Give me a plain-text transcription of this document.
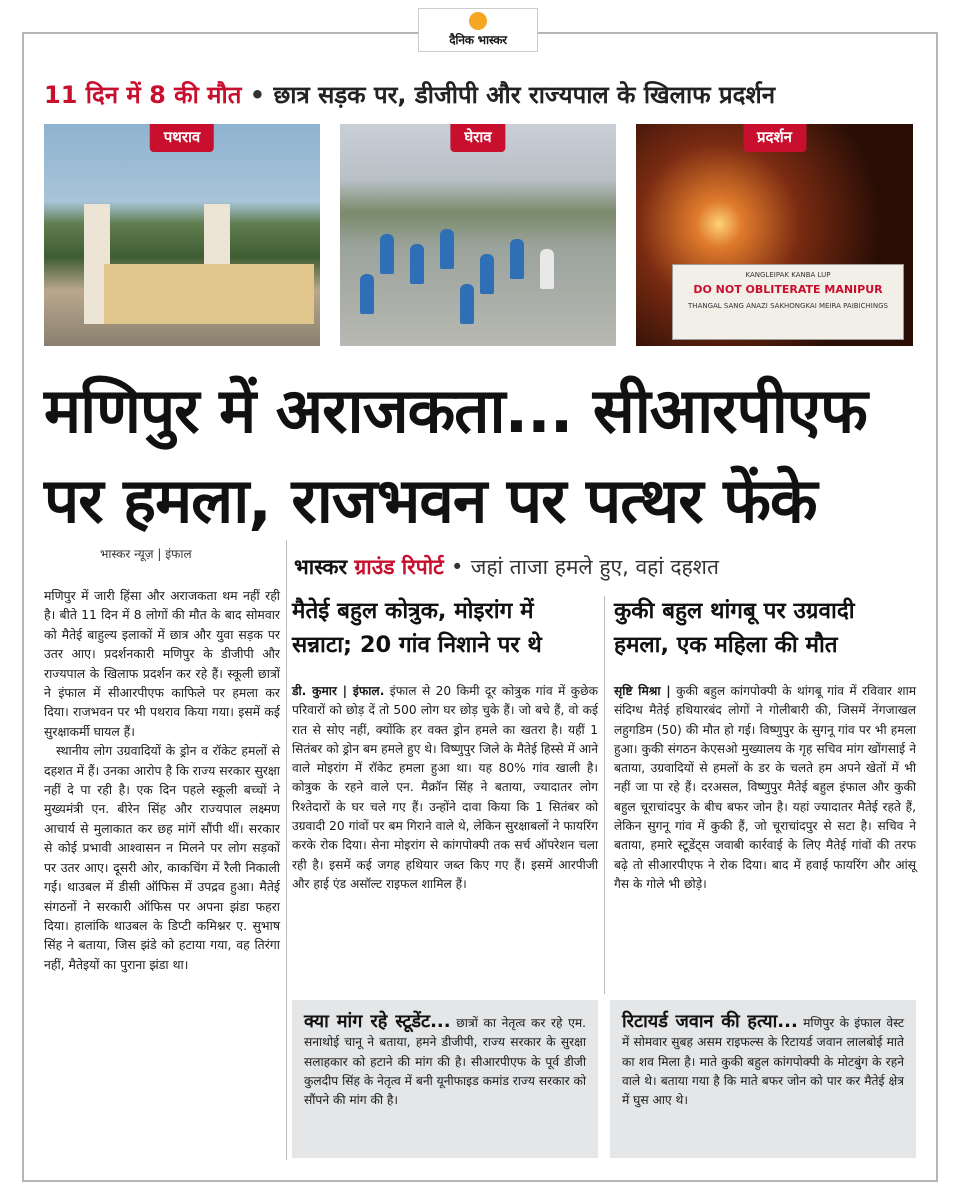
दैनिक भास्कर
11 दिन में 8 की मौत • छात्र सड़क पर, डीजीपी और राज्यपाल के खिलाफ प्रदर्शन
पथराव	घेराव
KANGLEIPAK KANBA LUP
DO NOT OBLITERATE MANIPUR
THANGAL SANG ANAZI SAKHONGKAI MEIRA PAIBICHINGS
प्रदर्शन
मणिपुर में अराजकता... सीआरपीएफ
पर हमला, राजभवन पर पत्थर फेंके
भास्कर न्यूज़ | इंफाल
भास्कर ग्राउंड रिपोर्ट • जहां ताजा हमले हुए, वहां दहशत

मणिपुर में जारी हिंसा और अराजकता थम नहीं रही है। बीते 11 दिन में 8 लोगों की मौत के बाद सोमवार को मैतेई बाहुल्य इलाकों में छात्र और युवा सड़क पर उतर आए। प्रदर्शनकारी मणिपुर के डीजीपी और राज्यपाल के खिलाफ प्रदर्शन कर रहे हैं। स्कूली छात्रों ने इंफाल में सीआरपीएफ काफिले पर हमला कर दिया। राजभवन पर भी पथराव किया गया। इसमें कई सुरक्षाकर्मी घायल हैं।

स्थानीय लोग उग्रवादियों के ड्रोन व रॉकेट हमलों से दहशत में हैं। उनका आरोप है कि राज्य सरकार सुरक्षा नहीं दे पा रही है। एक दिन पहले स्कूली बच्चों ने मुख्यमंत्री एन. बीरेन सिंह और राज्यपाल लक्ष्मण आचार्य से मुलाकात कर छह मांगें सौंपी थीं। सरकार से कोई प्रभावी आश्वासन न मिलने पर लोग सड़कों पर उतर आए। दूसरी ओर, काकचिंग में रैली निकाली गई। थाउबल में डीसी ऑफिस में उपद्रव हुआ। मैतेई संगठनों ने सरकारी ऑफिस पर अपना झंडा फहरा दिया। हालांकि थाउबल के डिप्टी कमिश्नर ए. सुभाष सिंह ने बताया, जिस झंडे को हटाया गया, वह तिरंगा नहीं, मैतेइयों का पुराना झंडा था।

मैतेई बहुल कोत्रुक, मोइरांग में सन्नाटा; 20 गांव निशाने पर थे
डी. कुमार | इंफाल. इंफाल से 20 किमी दूर कोत्रुक गांव में कुछेक परिवारों को छोड़ दें तो 500 लोग घर छोड़ चुके हैं। जो बचे हैं, वो कई रात से सोए नहीं, क्योंकि हर वक्त ड्रोन हमले का खतरा है। यहीं 1 सितंबर को ड्रोन बम हमले हुए थे। विष्णुपुर जिले के मैतेई हिस्से में आने वाले मोइरांग में रॉकेट हमला हुआ था। यह 80% गांव खाली है। कोत्रुक के रहने वाले एन. मैक्रॉन सिंह ने बताया, ज्यादातर लोग रिश्तेदारों के घर चले गए हैं। उन्होंने दावा किया कि 1 सितंबर को उग्रवादी 20 गांवों पर बम गिराने वाले थे, लेकिन सुरक्षाबलों ने फायरिंग करके रोक दिया। सेना मोइरांग से कांगपोक्पी तक सर्च ऑपरेशन चला रही है। इसमें कई जगह हथियार जब्त किए गए हैं। इसमें आरपीजी और हाई एंड असॉल्ट राइफल शामिल हैं।
कुकी बहुल थांगबू पर उग्रवादी हमला, एक महिला की मौत
सृष्टि मिश्रा | कुकी बहुल कांगपोक्पी के थांगबू गांव में रविवार शाम संदिग्ध मैतेई हथियारबंद लोगों ने गोलीबारी की, जिसमें नेंगजाखल लहुगडिम (50) की मौत हो गई। विष्णुपुर के सुगनू गांव पर भी हमला हुआ। कुकी संगठन केएसओ मुख्यालय के गृह सचिव मांग खोंगसाई ने बताया, उग्रवादियों से हमलों के डर के चलते हम अपने खेतों में भी नहीं जा पा रहे हैं। दरअसल, विष्णुपुर मैतेई बहुल इंफाल और कुकी बहुल चूराचांदपुर के बीच बफर जोन है। यहां ज्यादातर मैतेई रहते हैं, लेकिन सुगनू गांव में कुकी हैं, जो चूराचांदपुर से सटा है। सचिव ने बताया, हमारे स्टूडेंट्स जवाबी कार्रवाई के लिए मैतेई गांवों की तरफ बढ़े तो सीआरपीएफ ने रोक दिया। बाद में हवाई फायरिंग और आंसू गैस के गोले भी छोड़े।
क्या मांग रहे स्टूडेंट... छात्रों का नेतृत्व कर रहे एम. सनाथोई चानू ने बताया, हमने डीजीपी, राज्य सरकार के सुरक्षा सलाहकार को हटाने की मांग की है। सीआरपीएफ के पूर्व डीजी कुलदीप सिंह के नेतृत्व में बनी यूनीफाइड कमांड राज्य सरकार को सौंपने की मांग की है।
रिटायर्ड जवान की हत्या... मणिपुर के इंफाल वेस्ट में सोमवार सुबह असम राइफल्स के रिटायर्ड जवान लालबोई माते का शव मिला है। माते कुकी बहुल कांगपोक्पी के मोटबुंग के रहने वाले थे। बताया गया है कि माते बफर जोन को पार कर मैतेई क्षेत्र में घुस आए थे।
